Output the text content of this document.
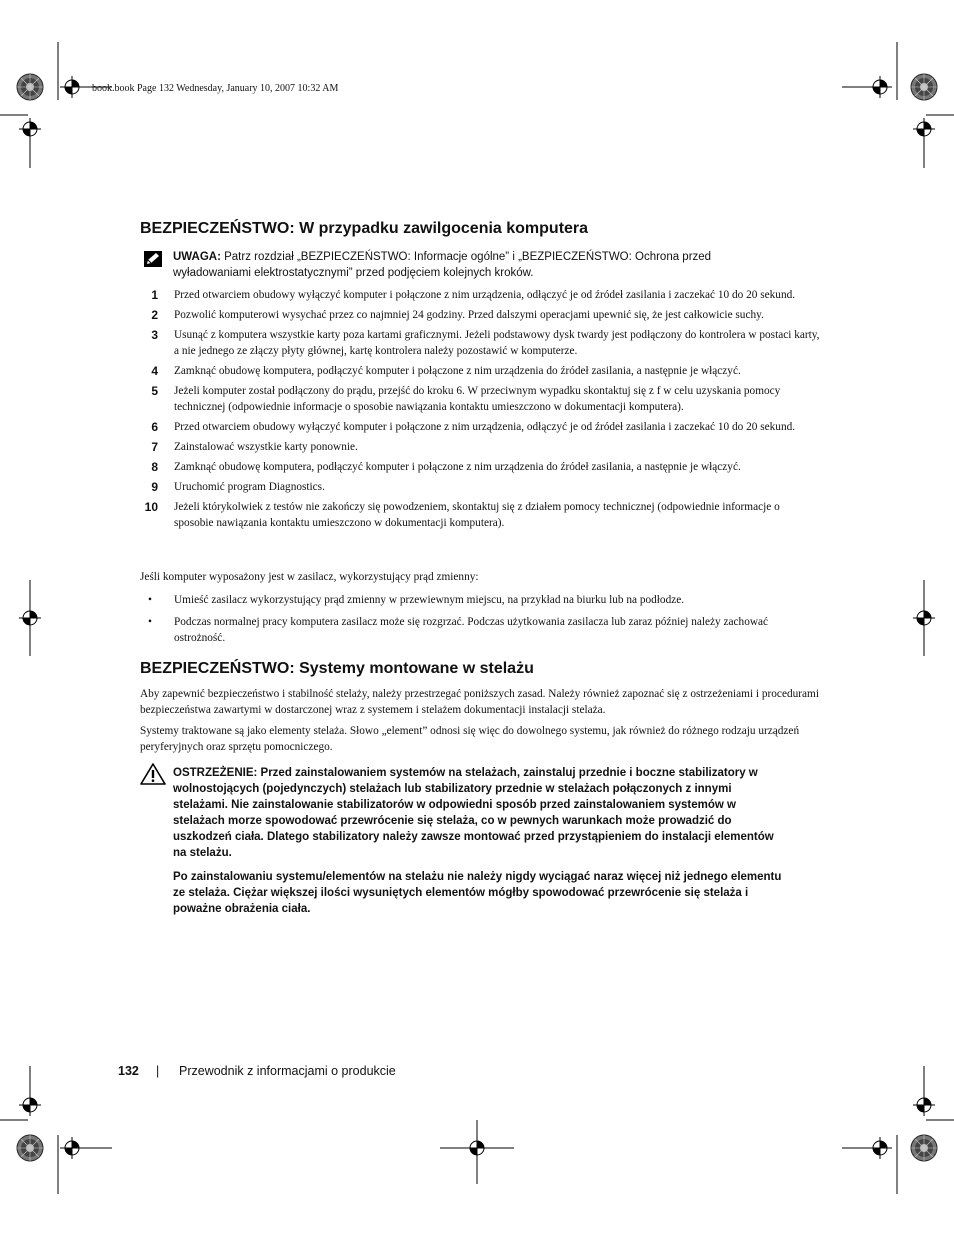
book.book Page 132 Wednesday, January 10, 2007 10:32 AM
BEZPIECZEŃSTWO: W przypadku zawilgocenia komputera
UWAGA: Patrz rozdział „BEZPIECZEŃSTWO: Informacje ogólne” i „BEZPIECZEŃSTWO: Ochrona przed wyładowaniami elektrostatycznymi” przed podjęciem kolejnych kroków.
1 Przed otwarciem obudowy wyłączyć komputer i połączone z nim urządzenia, odłączyć je od źródeł zasilania i zaczekać 10 do 20 sekund.
2 Pozwolić komputerowi wysychać przez co najmniej 24 godziny. Przed dalszymi operacjami upewnić się, że jest całkowicie suchy.
3 Usunąć z komputera wszystkie karty poza kartami graficznymi. Jeżeli podstawowy dysk twardy jest podłączony do kontrolera w postaci karty, a nie jednego ze złączy płyty głównej, kartę kontrolera należy pozostawić w komputerze.
4 Zamknąć obudowę komputera, podłączyć komputer i połączone z nim urządzenia do źródeł zasilania, a następnie je włączyć.
5 Jeżeli komputer został podłączony do prądu, przejść do kroku 6. W przeciwnym wypadku skontaktuj się z f w celu uzyskania pomocy technicznej (odpowiednie informacje o sposobie nawiązania kontaktu umieszczono w dokumentacji komputera).
6 Przed otwarciem obudowy wyłączyć komputer i połączone z nim urządzenia, odłączyć je od źródeł zasilania i zaczekać 10 do 20 sekund.
7 Zainstalować wszystkie karty ponownie.
8 Zamknąć obudowę komputera, podłączyć komputer i połączone z nim urządzenia do źródeł zasilania, a następnie je włączyć.
9 Uruchomić program Diagnostics.
10 Jeżeli którykolwiek z testów nie zakończy się powodzeniem, skontaktuj się z działem pomocy technicznej (odpowiednie informacje o sposobie nawiązania kontaktu umieszczono w dokumentacji komputera).
Jeśli komputer wyposażony jest w zasilacz, wykorzystujący prąd zmienny:
• Umieść zasilacz wykorzystujący prąd zmienny w przewiewnym miejscu, na przykład na biurku lub na podłodze.
• Podczas normalnej pracy komputera zasilacz może się rozgrzać. Podczas użytkowania zasilacza lub zaraz później należy zachować ostrożność.
BEZPIECZEŃSTWO: Systemy montowane w stelażu
Aby zapewnić bezpieczeństwo i stabilność stelaży, należy przestrzegać poniższych zasad. Należy również zapoznać się z ostrzeżeniami i procedurami bezpieczeństwa zawartymi w dostarczonej wraz z systemem i stelażem dokumentacji instalacji stelaża.
Systemy traktowane są jako elementy stelaża. Słowo „element” odnosi się więc do dowolnego systemu, jak również do różnego rodzaju urządzeń peryferyjnych oraz sprzętu pomocniczego.

OSTRZEŻENIE: Przed zainstalowaniem systemów na stelażach, zainstaluj przednie i boczne stabilizatory w wolnostojących (pojedynczych) stelażach lub stabilizatory przednie w stelażach połączonych z innymi stelażami. Nie zainstalowanie stabilizatorów w odpowiedni sposób przed zainstalowaniem systemów w stelażach morze spowodować przewrócenie się stelaża, co w pewnych warunkach może prowadzić do uszkodzeń ciała. Dlatego stabilizatory należy zawsze montować przed przystąpieniem do instalacji elementów na stelażu.

Po zainstalowaniu systemu/elementów na stelażu nie należy nigdy wyciągać naraz więcej niż jednego elementu ze stelaża. Ciężar większej ilości wysuniętych elementów mógłby spowodować przewrócenie się stelaża i poważne obrażenia ciała.

132 | Przewodnik z informacjami o produkcie
